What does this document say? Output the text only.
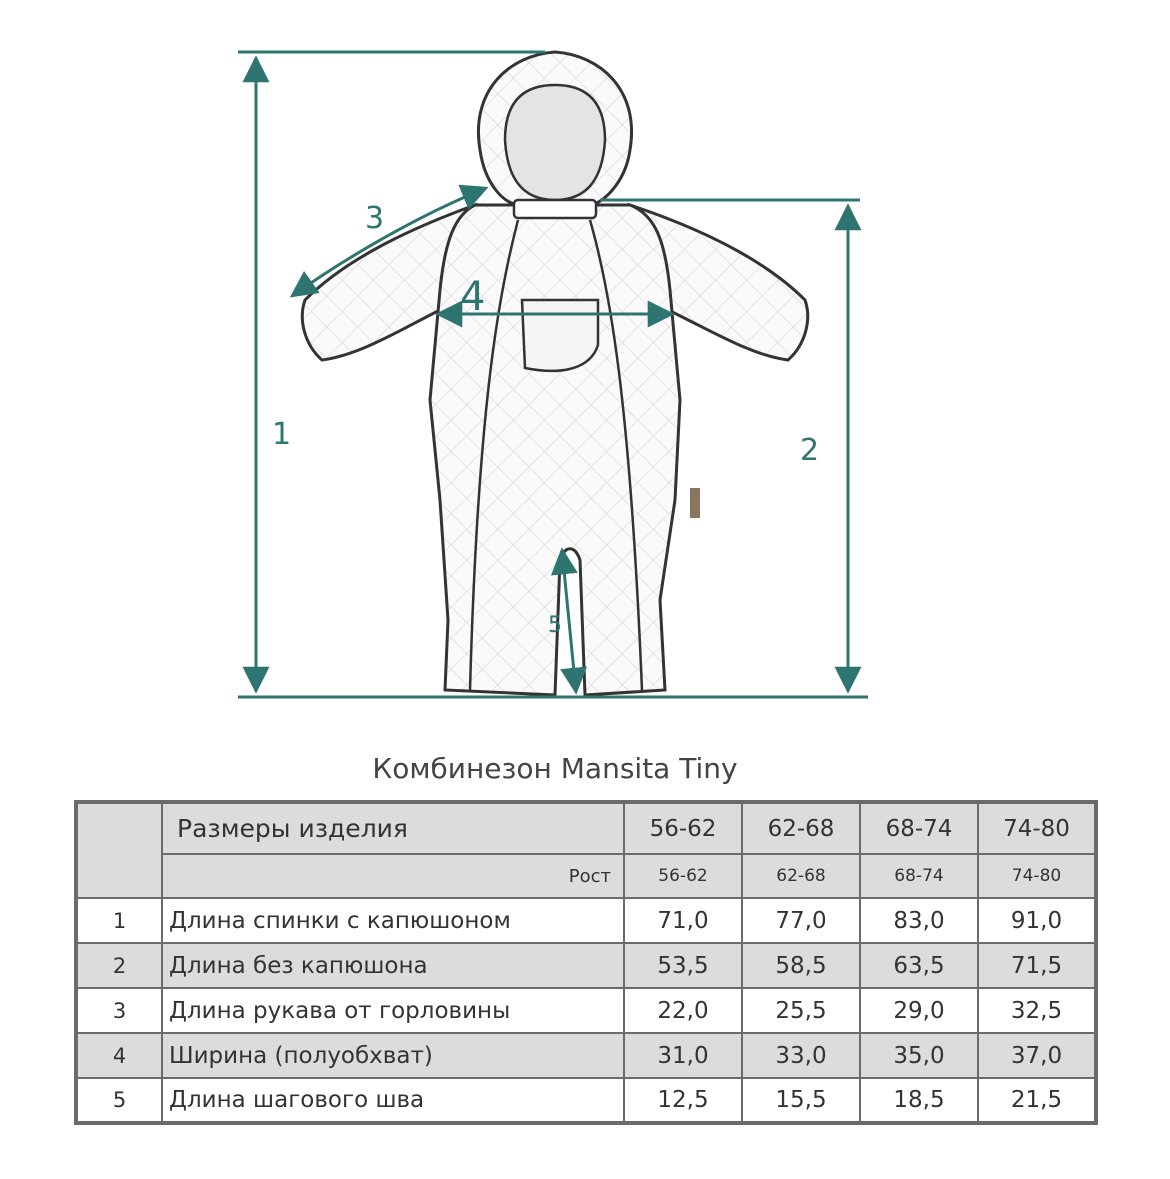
1	2
3
4
5
Комбинезон Mansita Tiny
	Размеры изделия	56-62	62-68	68-74	74-80
	Рост	56-62	62-68	68-74	74-80
1	Длина спинки с капюшоном	71,0	77,0	83,0	91,0
2	Длина без капюшона	53,5	58,5	63,5	71,5
3	Длина рукава от горловины	22,0	25,5	29,0	32,5
4	Ширина (полуобхват)	31,0	33,0	35,0	37,0
5	Длина шагового шва	12,5	15,5	18,5	21,5
